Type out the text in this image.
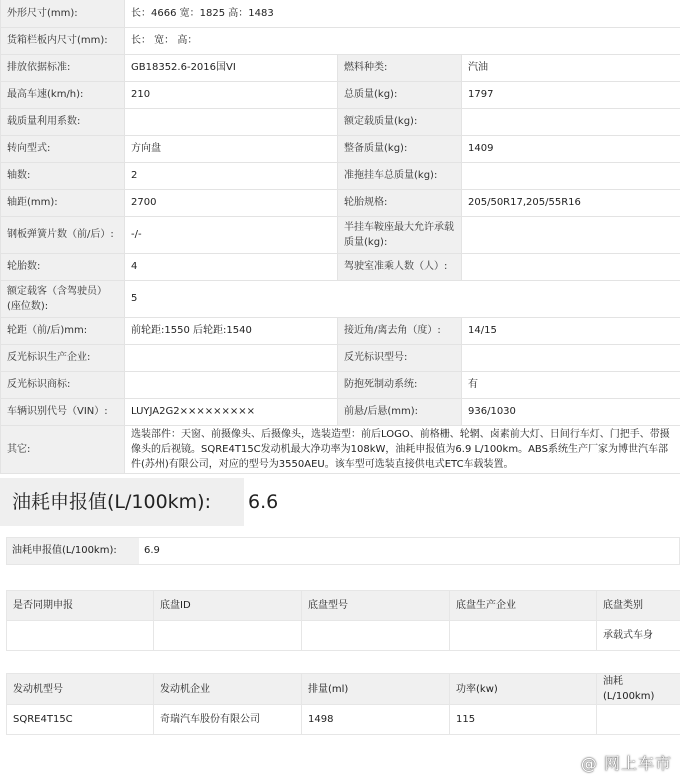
外形尺寸(mm):	长：4666 宽：1825 高：1483		
货箱栏板内尺寸(mm):	长： 宽： 高：		
排放依据标准:	GB18352.6-2016国VI	燃料种类:	汽油
最高车速(km/h):	210	总质量(kg):	1797
载质量利用系数:		额定载质量(kg):	
转向型式:	方向盘	整备质量(kg):	1409
轴数:	2	准拖挂车总质量(kg):	
轴距(mm):	2700	轮胎规格:	205/50R17,205/55R16
钢板弹簧片数（前/后）:	-/-	半挂车鞍座最大允许承载质量(kg):	
轮胎数:	4	驾驶室准乘人数（人）:	
额定载客（含驾驶员）(座位数):	5		
轮距（前/后)mm:	前轮距:1550 后轮距:1540	接近角/离去角（度）:	14/15
反光标识生产企业:		反光标识型号:	
反光标识商标:		防抱死制动系统:	有
车辆识别代号（VIN）:	LUYJA2G2×××××××××	前悬/后悬(mm):	936/1030
其它:	选装部件：天窗、前摄像头、后摄像头，选装造型：前后LOGO、前格栅、轮辋、卤素前大灯、日间行车灯、门把手、带摄像头的后视镜。SQRE4T15C发动机最大净功率为108kW，油耗申报值为6.9 L/100km。ABS系统生产厂家为博世汽车部件(苏州)有限公司，对应的型号为3550AEU。该车型可选装直接供电式ETC车载装置。		
油耗申报值(L/100km):	6.6
油耗申报值(L/100km):	6.9
是否同期申报	底盘ID	底盘型号	底盘生产企业	底盘类别
				承载式车身
发动机型号	发动机企业	排量(ml)	功率(kw)	油耗(L/100km)
SQRE4T15C	奇瑞汽车股份有限公司	1498	115	
@ 网上车市
